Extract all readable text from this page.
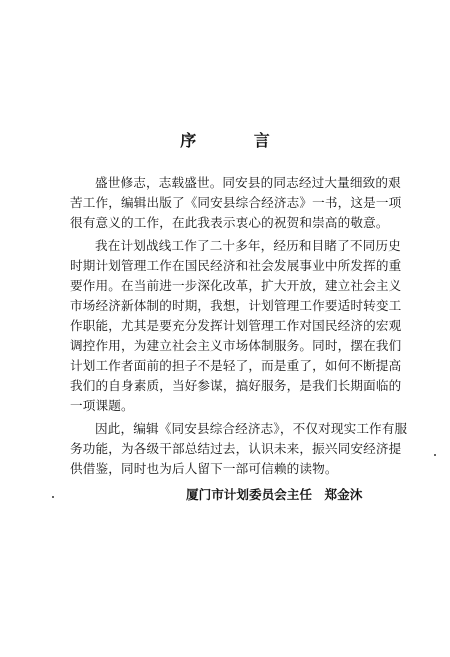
序 言
盛世修志，志载盛世。同安县的同志经过大量细致的艰
苦工作，编辑出版了《同安县综合经济志》一书，这是一项
很有意义的工作，在此我表示衷心的祝贺和崇高的敬意。
我在计划战线工作了二十多年，经历和目睹了不同历史
时期计划管理工作在国民经济和社会发展事业中所发挥的重
要作用。在当前进一步深化改革，扩大开放，建立社会主义
市场经济新体制的时期，我想，计划管理工作要适时转变工
作职能，尤其是要充分发挥计划管理工作对国民经济的宏观
调控作用，为建立社会主义市场体制服务。同时，摆在我们
计划工作者面前的担子不是轻了，而是重了，如何不断提高
我们的自身素质，当好参谋，搞好服务，是我们长期面临的
一项课题。
因此，编辑《同安县综合经济志》，不仅对现实工作有服
务功能，为各级干部总结过去，认识未来，振兴同安经济提
供借鉴，同时也为后人留下一部可信赖的读物。
厦门市计划委员会主任　郑金沐
